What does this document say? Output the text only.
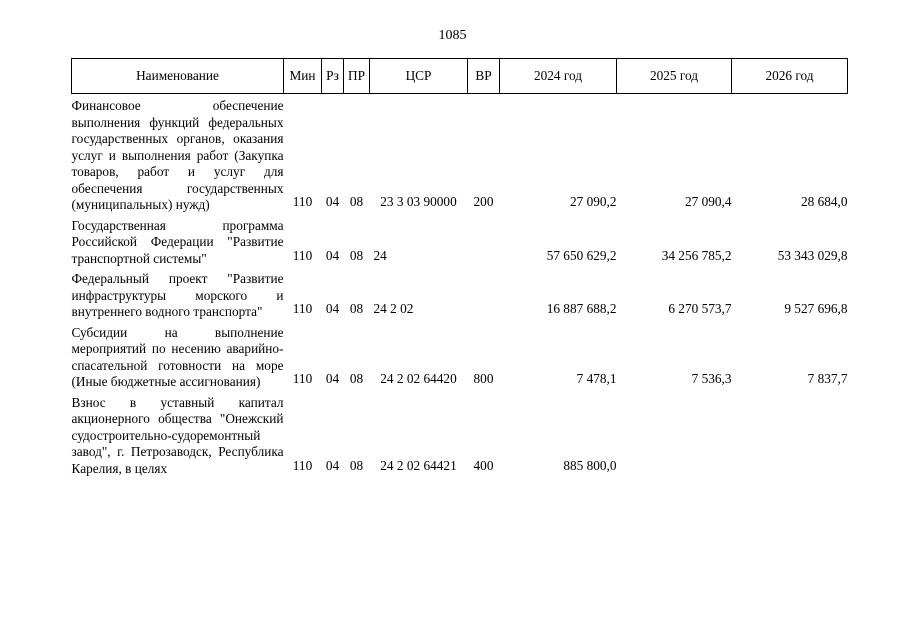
1085
Наименование	Мин	Рз	ПР	ЦСР	ВР	2024 год	2025 год	2026 год
Финансовое обеспечение выполнения функций федеральных государственных органов, оказания услуг и выполнения работ (Закупка товаров, работ и услуг для обеспечения государственных (муниципальных) нужд)	110	04	08	23 3 03 90000	200	27 090,2	27 090,4	28 684,0
Государственная программа Российской Федерации "Развитие транспортной системы"	110	04	08	24		57 650 629,2	34 256 785,2	53 343 029,8
Федеральный проект "Развитие инфраструктуры морского и внутреннего водного транспорта"	110	04	08	24 2 02		16 887 688,2	6 270 573,7	9 527 696,8
Субсидии на выполнение мероприятий по несению аварийно-спасательной готовности на море (Иные бюджетные ассигнования)	110	04	08	24 2 02 64420	800	7 478,1	7 536,3	7 837,7
Взнос в уставный капитал акционерного общества "Онежский судостроительно-судоремонтный завод", г. Петрозаводск, Республика Карелия, в целях	110	04	08	24 2 02 64421	400	885 800,0		
